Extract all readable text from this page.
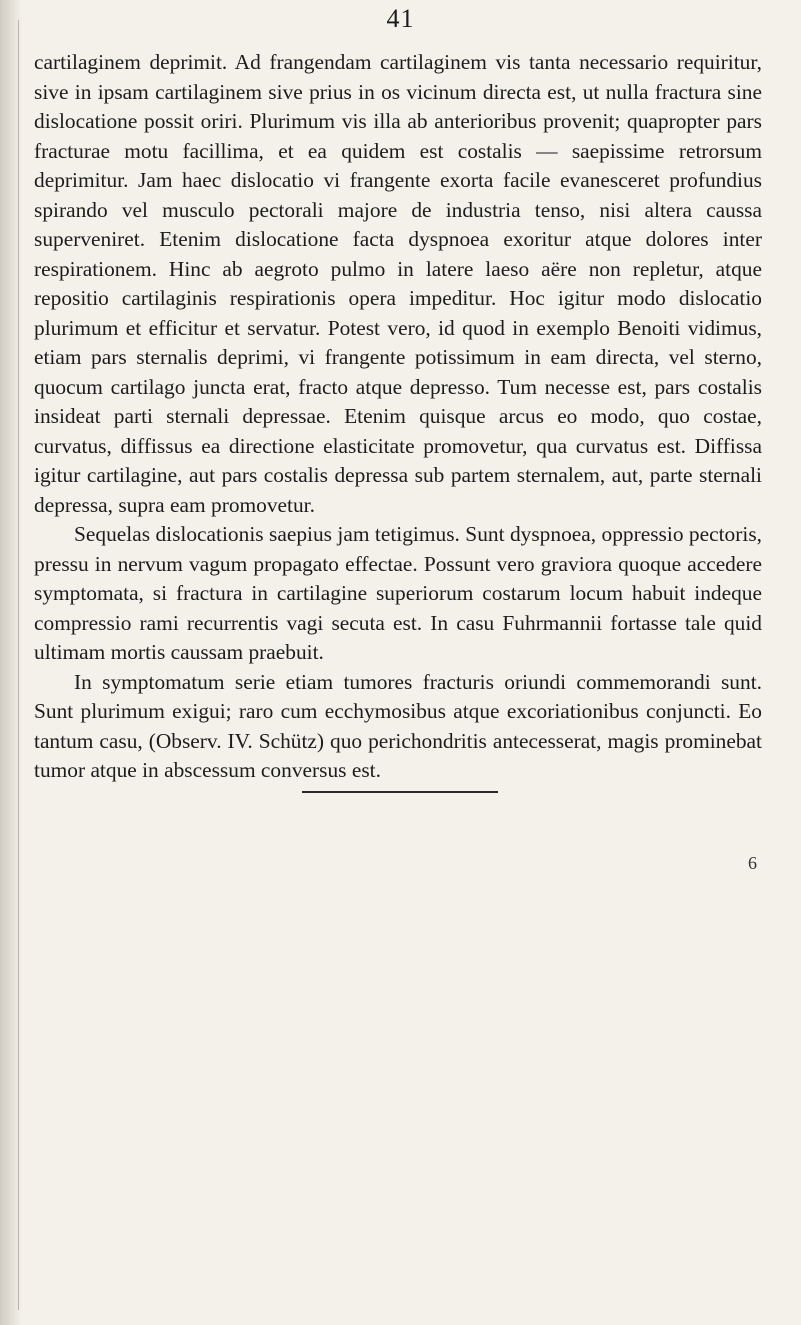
41

cartilaginem deprimit. Ad frangendam cartilaginem vis tanta necessario requiritur, sive in ipsam cartilaginem sive prius in os vicinum directa est, ut nulla fractura sine dislocatione possit oriri. Plurimum vis illa ab anterioribus provenit; quapropter pars fracturae motu facillima, et ea quidem est costalis — saepissime retrorsum deprimitur. Jam haec dislocatio vi frangente exorta facile evanesceret profundius spirando vel musculo pectorali majore de industria tenso, nisi altera caussa superveniret. Etenim dislocatione facta dyspnoea exoritur atque dolores inter respirationem. Hinc ab aegroto pulmo in latere laeso aëre non repletur, atque repositio cartilaginis respirationis opera impeditur. Hoc igitur modo dislocatio plurimum et efficitur et servatur. Potest vero, id quod in exemplo Benoiti vidimus, etiam pars sternalis deprimi, vi frangente potissimum in eam directa, vel sterno, quocum cartilago juncta erat, fracto atque depresso. Tum necesse est, pars costalis insideat parti sternali depressae. Etenim quisque arcus eo modo, quo costae, curvatus, diffissus ea directione elasticitate promovetur, qua curvatus est. Diffissa igitur cartilagine, aut pars costalis depressa sub partem sternalem, aut, parte sternali depressa, supra eam promovetur.

Sequelas dislocationis saepius jam tetigimus. Sunt dyspnoea, oppressio pectoris, pressu in nervum vagum propagato effectae. Possunt vero graviora quoque accedere symptomata, si fractura in cartilagine superiorum costarum locum habuit indeque compressio rami recurrentis vagi secuta est. In casu Fuhrmannii fortasse tale quid ultimam mortis caussam praebuit.

In symptomatum serie etiam tumores fracturis oriundi commemorandi sunt. Sunt plurimum exigui; raro cum ecchymosibus atque excoriationibus conjuncti. Eo tantum casu, (Observ. IV. Schütz) quo perichondritis antecesserat, magis prominebat tumor atque in abscessum conversus est.

6
